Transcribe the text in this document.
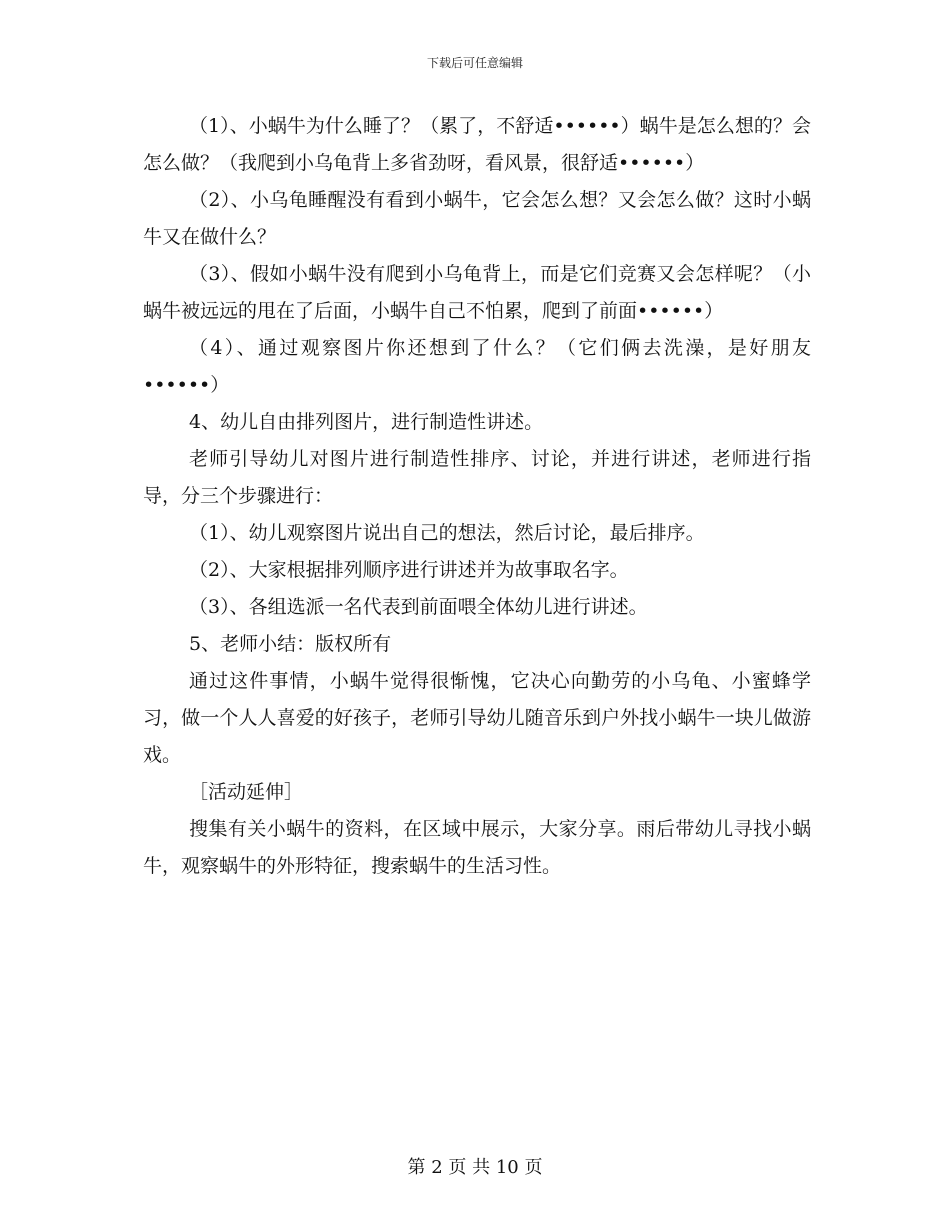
下载后可任意编辑

（1）、小蜗牛为什么睡了？（累了，不舒适••••••）蜗牛是怎么想的？会怎么做？（我爬到小乌龟背上多省劲呀，看风景，很舒适••••••）

（2）、小乌龟睡醒没有看到小蜗牛，它会怎么想？又会怎么做？这时小蜗牛又在做什么？

（3）、假如小蜗牛没有爬到小乌龟背上，而是它们竞赛又会怎样呢？（小蜗牛被远远的甩在了后面，小蜗牛自己不怕累，爬到了前面••••••）

（4）、通过观察图片你还想到了什么？（它们俩去洗澡，是好朋友••••••）

4、幼儿自由排列图片，进行制造性讲述。

老师引导幼儿对图片进行制造性排序、讨论，并进行讲述，老师进行指导，分三个步骤进行：

（1）、幼儿观察图片说出自己的想法，然后讨论，最后排序。

（2）、大家根据排列顺序进行讲述并为故事取名字。

（3）、各组选派一名代表到前面喂全体幼儿进行讲述。

5、老师小结：版权所有

通过这件事情，小蜗牛觉得很惭愧，它决心向勤劳的小乌龟、小蜜蜂学习，做一个人人喜爱的好孩子，老师引导幼儿随音乐到户外找小蜗牛一块儿做游戏。

［活动延伸］

搜集有关小蜗牛的资料，在区域中展示，大家分享。雨后带幼儿寻找小蜗牛，观察蜗牛的外形特征，搜索蜗牛的生活习性。

第 2 页 共 10 页
